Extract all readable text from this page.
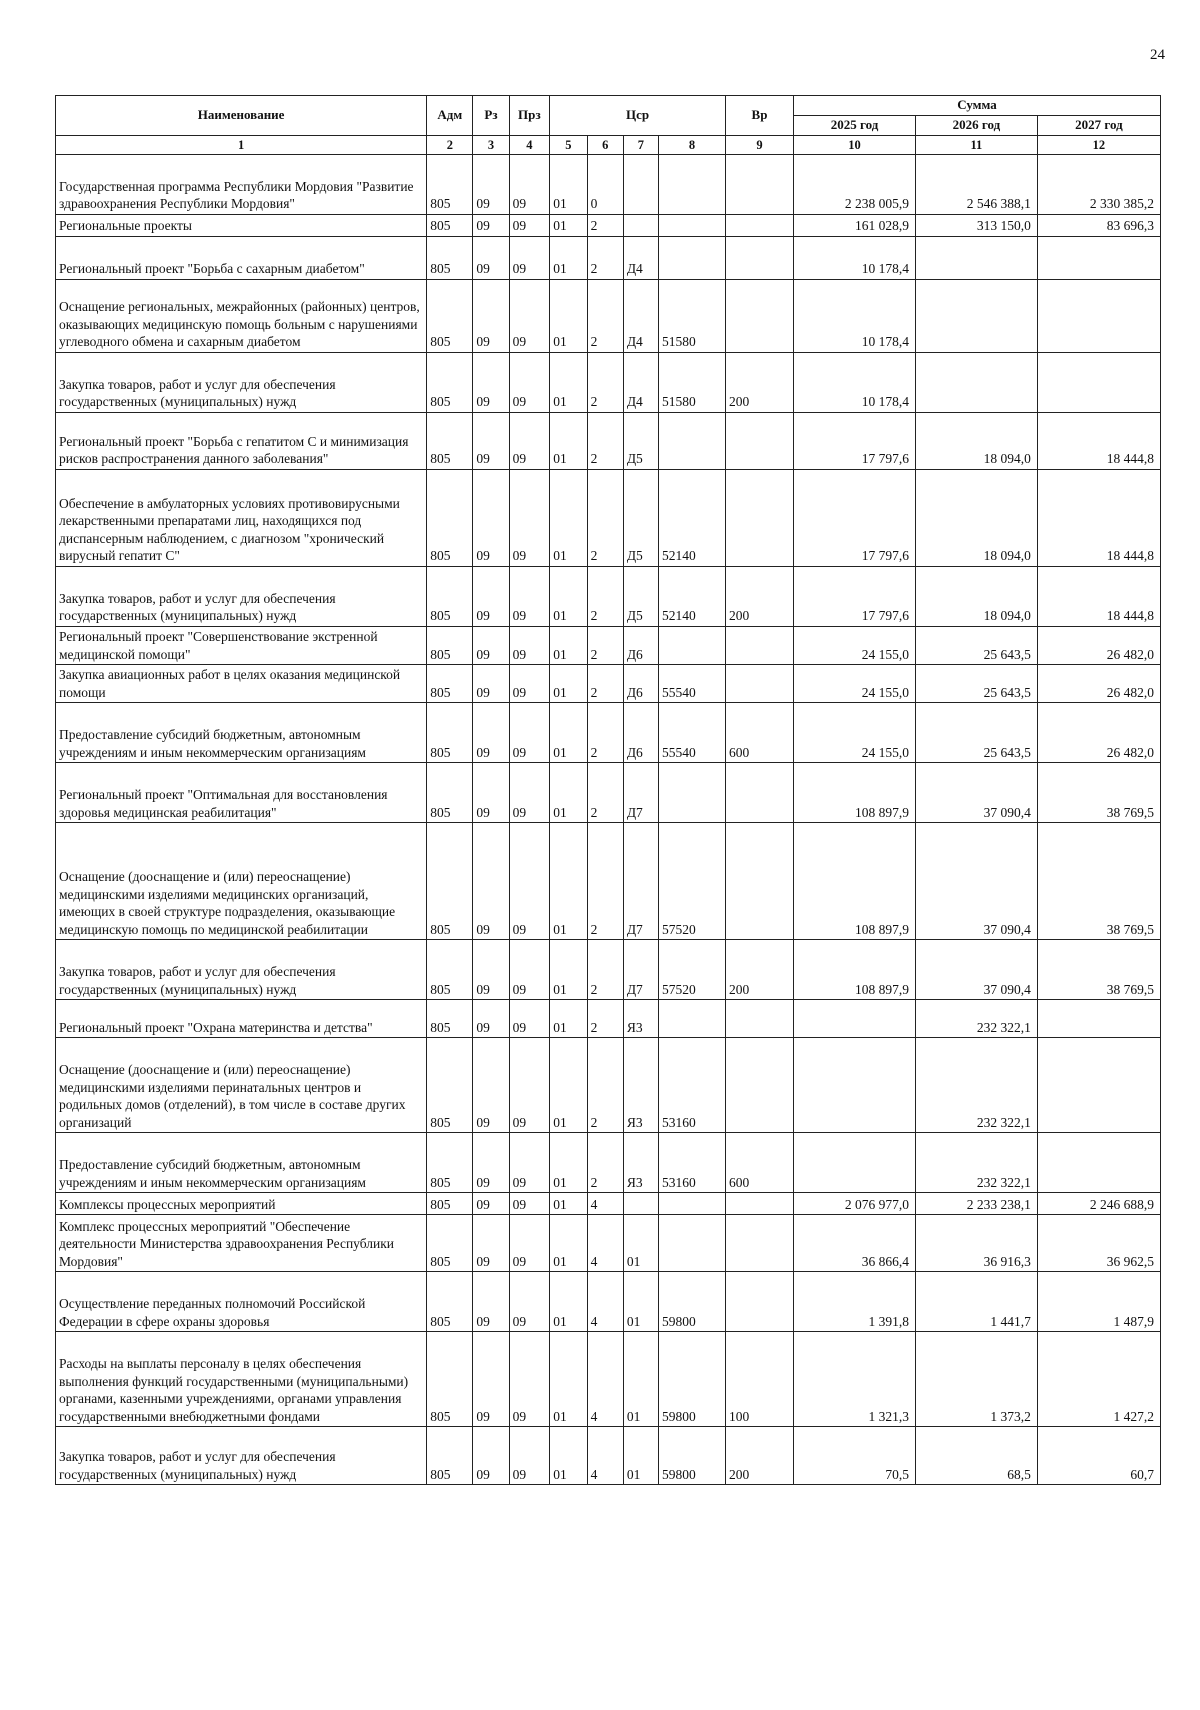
24
Наименование	Адм	Рз	Прз	Цср				Вр	Сумма		
									2025 год	2026 год	2027 год
1	2	3	4	5	6	7	8	9	10	11	12
Государственная программа Республики Мордовия "Развитие здравоохранения Республики Мордовия"	805	09	09	01	0				2 238 005,9	2 546 388,1	2 330 385,2
Региональные проекты	805	09	09	01	2				161 028,9	313 150,0	83 696,3
Региональный проект "Борьба с сахарным диабетом"	805	09	09	01	2	Д4			10 178,4		
Оснащение региональных, межрайонных (районных) центров, оказывающих медицинскую помощь больным с нарушениями углеводного обмена и сахарным диабетом	805	09	09	01	2	Д4	51580		10 178,4		
Закупка товаров, работ и услуг для обеспечения государственных (муниципальных) нужд	805	09	09	01	2	Д4	51580	200	10 178,4		
Региональный проект "Борьба с гепатитом С и минимизация рисков распространения данного заболевания"	805	09	09	01	2	Д5			17 797,6	18 094,0	18 444,8
Обеспечение в амбулаторных условиях противовирусными лекарственными препаратами лиц, находящихся под диспансерным наблюдением, с диагнозом "хронический вирусный гепатит С"	805	09	09	01	2	Д5	52140		17 797,6	18 094,0	18 444,8
Закупка товаров, работ и услуг для обеспечения государственных (муниципальных) нужд	805	09	09	01	2	Д5	52140	200	17 797,6	18 094,0	18 444,8
Региональный проект "Совершенствование экстренной медицинской помощи"	805	09	09	01	2	Д6			24 155,0	25 643,5	26 482,0
Закупка авиационных работ в целях оказания медицинской помощи	805	09	09	01	2	Д6	55540		24 155,0	25 643,5	26 482,0
Предоставление субсидий бюджетным, автономным учреждениям и иным некоммерческим организациям	805	09	09	01	2	Д6	55540	600	24 155,0	25 643,5	26 482,0
Региональный проект "Оптимальная для восстановления здоровья медицинская реабилитация"	805	09	09	01	2	Д7			108 897,9	37 090,4	38 769,5
Оснащение (дооснащение и (или) переоснащение) медицинскими изделиями медицинских организаций, имеющих в своей структуре подразделения, оказывающие медицинскую помощь по медицинской реабилитации	805	09	09	01	2	Д7	57520		108 897,9	37 090,4	38 769,5
Закупка товаров, работ и услуг для обеспечения государственных (муниципальных) нужд	805	09	09	01	2	Д7	57520	200	108 897,9	37 090,4	38 769,5
Региональный проект "Охрана материнства и детства"	805	09	09	01	2	Я3				232 322,1	
Оснащение (дооснащение и (или) переоснащение) медицинскими изделиями перинатальных центров и родильных домов (отделений), в том числе в составе других организаций	805	09	09	01	2	Я3	53160			232 322,1	
Предоставление субсидий бюджетным, автономным учреждениям и иным некоммерческим организациям	805	09	09	01	2	Я3	53160	600		232 322,1	
Комплексы процессных мероприятий	805	09	09	01	4				2 076 977,0	2 233 238,1	2 246 688,9
Комплекс процессных мероприятий "Обеспечение деятельности Министерства здравоохранения Республики Мордовия"	805	09	09	01	4	01			36 866,4	36 916,3	36 962,5
Осуществление переданных полномочий Российской Федерации в сфере охраны здоровья	805	09	09	01	4	01	59800		1 391,8	1 441,7	1 487,9
Расходы на выплаты персоналу в целях обеспечения выполнения функций государственными (муниципальными) органами, казенными учреждениями, органами управления государственными внебюджетными фондами	805	09	09	01	4	01	59800	100	1 321,3	1 373,2	1 427,2
Закупка товаров, работ и услуг для обеспечения государственных (муниципальных) нужд	805	09	09	01	4	01	59800	200	70,5	68,5	60,7
